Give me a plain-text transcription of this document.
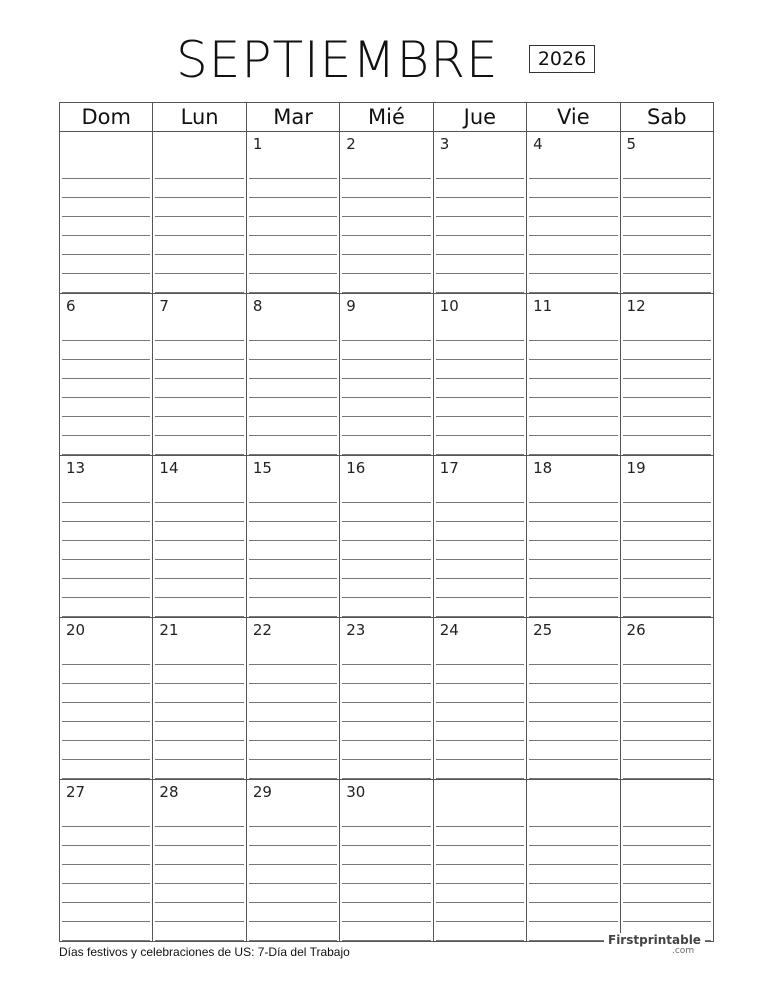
SEPTIEMBRE	2026
Dom	Lun	Mar	Mié	Jue	Vie	Sab

		1	2	3	4	5

6	7	8	9	10	11	12

13	14	15	16	17	18	19

20	21	22	23	24	25	26

27	28	29	30			

Días festivos y celebraciones de US: 7-Día del Trabajo
Firstprintable
.com
